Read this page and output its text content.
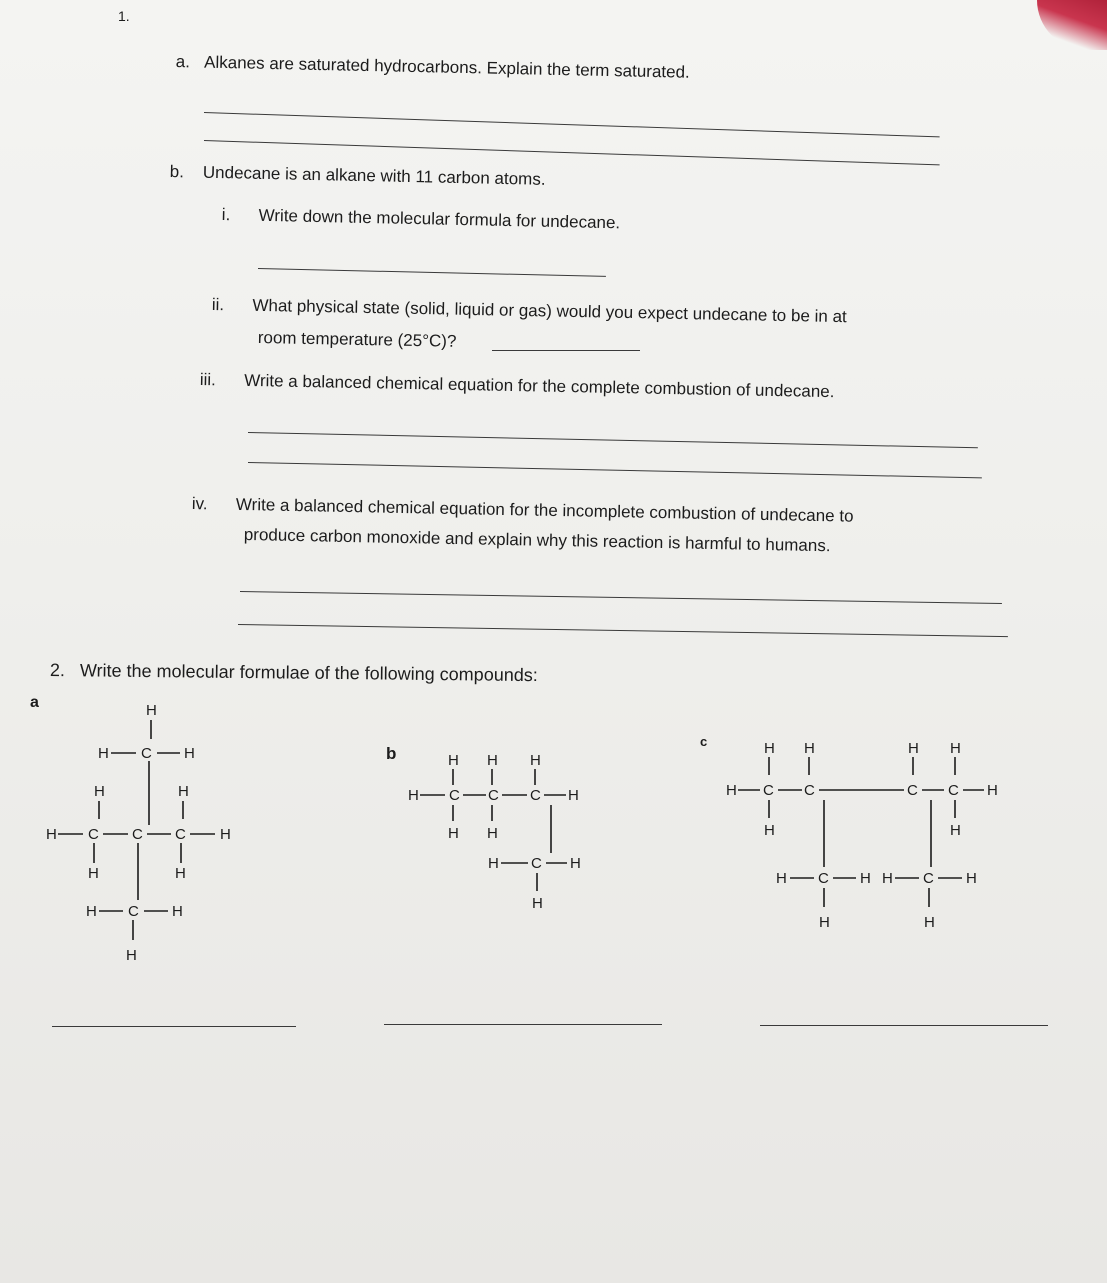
1.
a. Alkanes are saturated hydrocarbons. Explain the term saturated.
b. Undecane is an alkane with 11 carbon atoms.
i. Write down the molecular formula for undecane.
ii. What physical state (solid, liquid or gas) would you expect undecane to be in at
room temperature (25°C)?
iii. Write a balanced chemical equation for the complete combustion of undecane.
iv. Write a balanced chemical equation for the incomplete combustion of undecane to
produce carbon monoxide and explain why this reaction is harmful to humans.
2. Write the molecular formulae of the following compounds:
a
b
c
H
H C H
H	H
H C C C H
H	H
H C H
H
H H H
H C C C H
H H
H C H
H
H H	H H
H C C	C C H
H	H
H C H H C H
H	H
